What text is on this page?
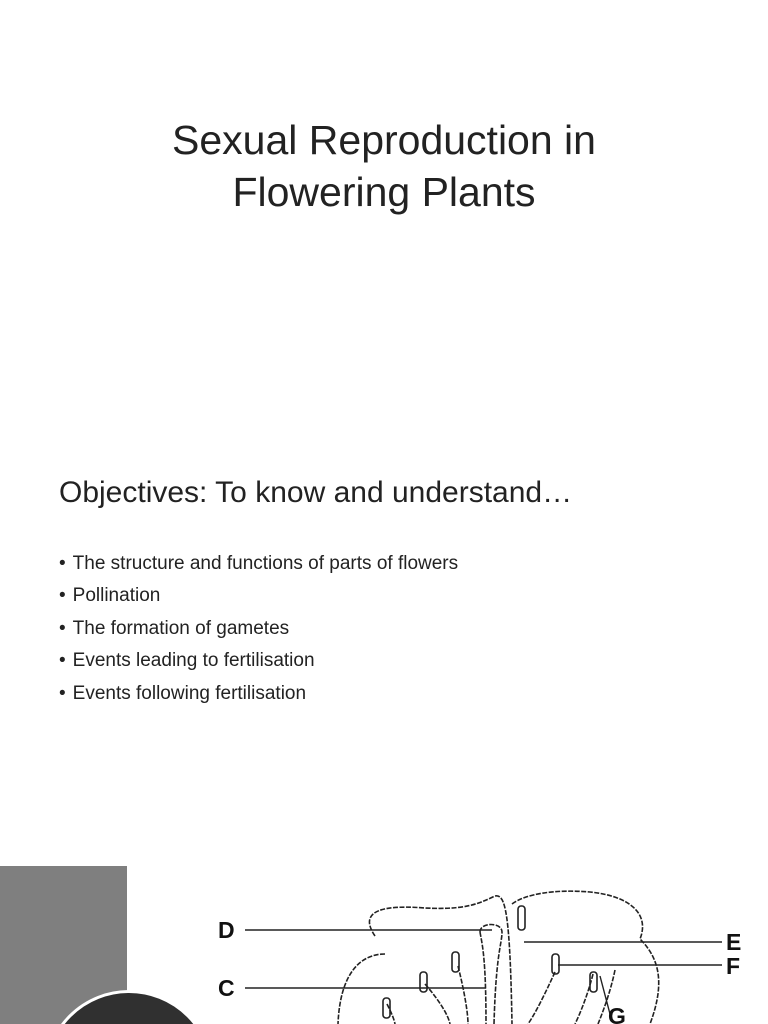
Sexual Reproduction in
Flowering Plants
Objectives: To know and understand…
• The structure and functions of parts of flowers
• Pollination
• The formation of gametes
• Events leading to fertilisation
• Events following fertilisation
D
C
E
F
G
